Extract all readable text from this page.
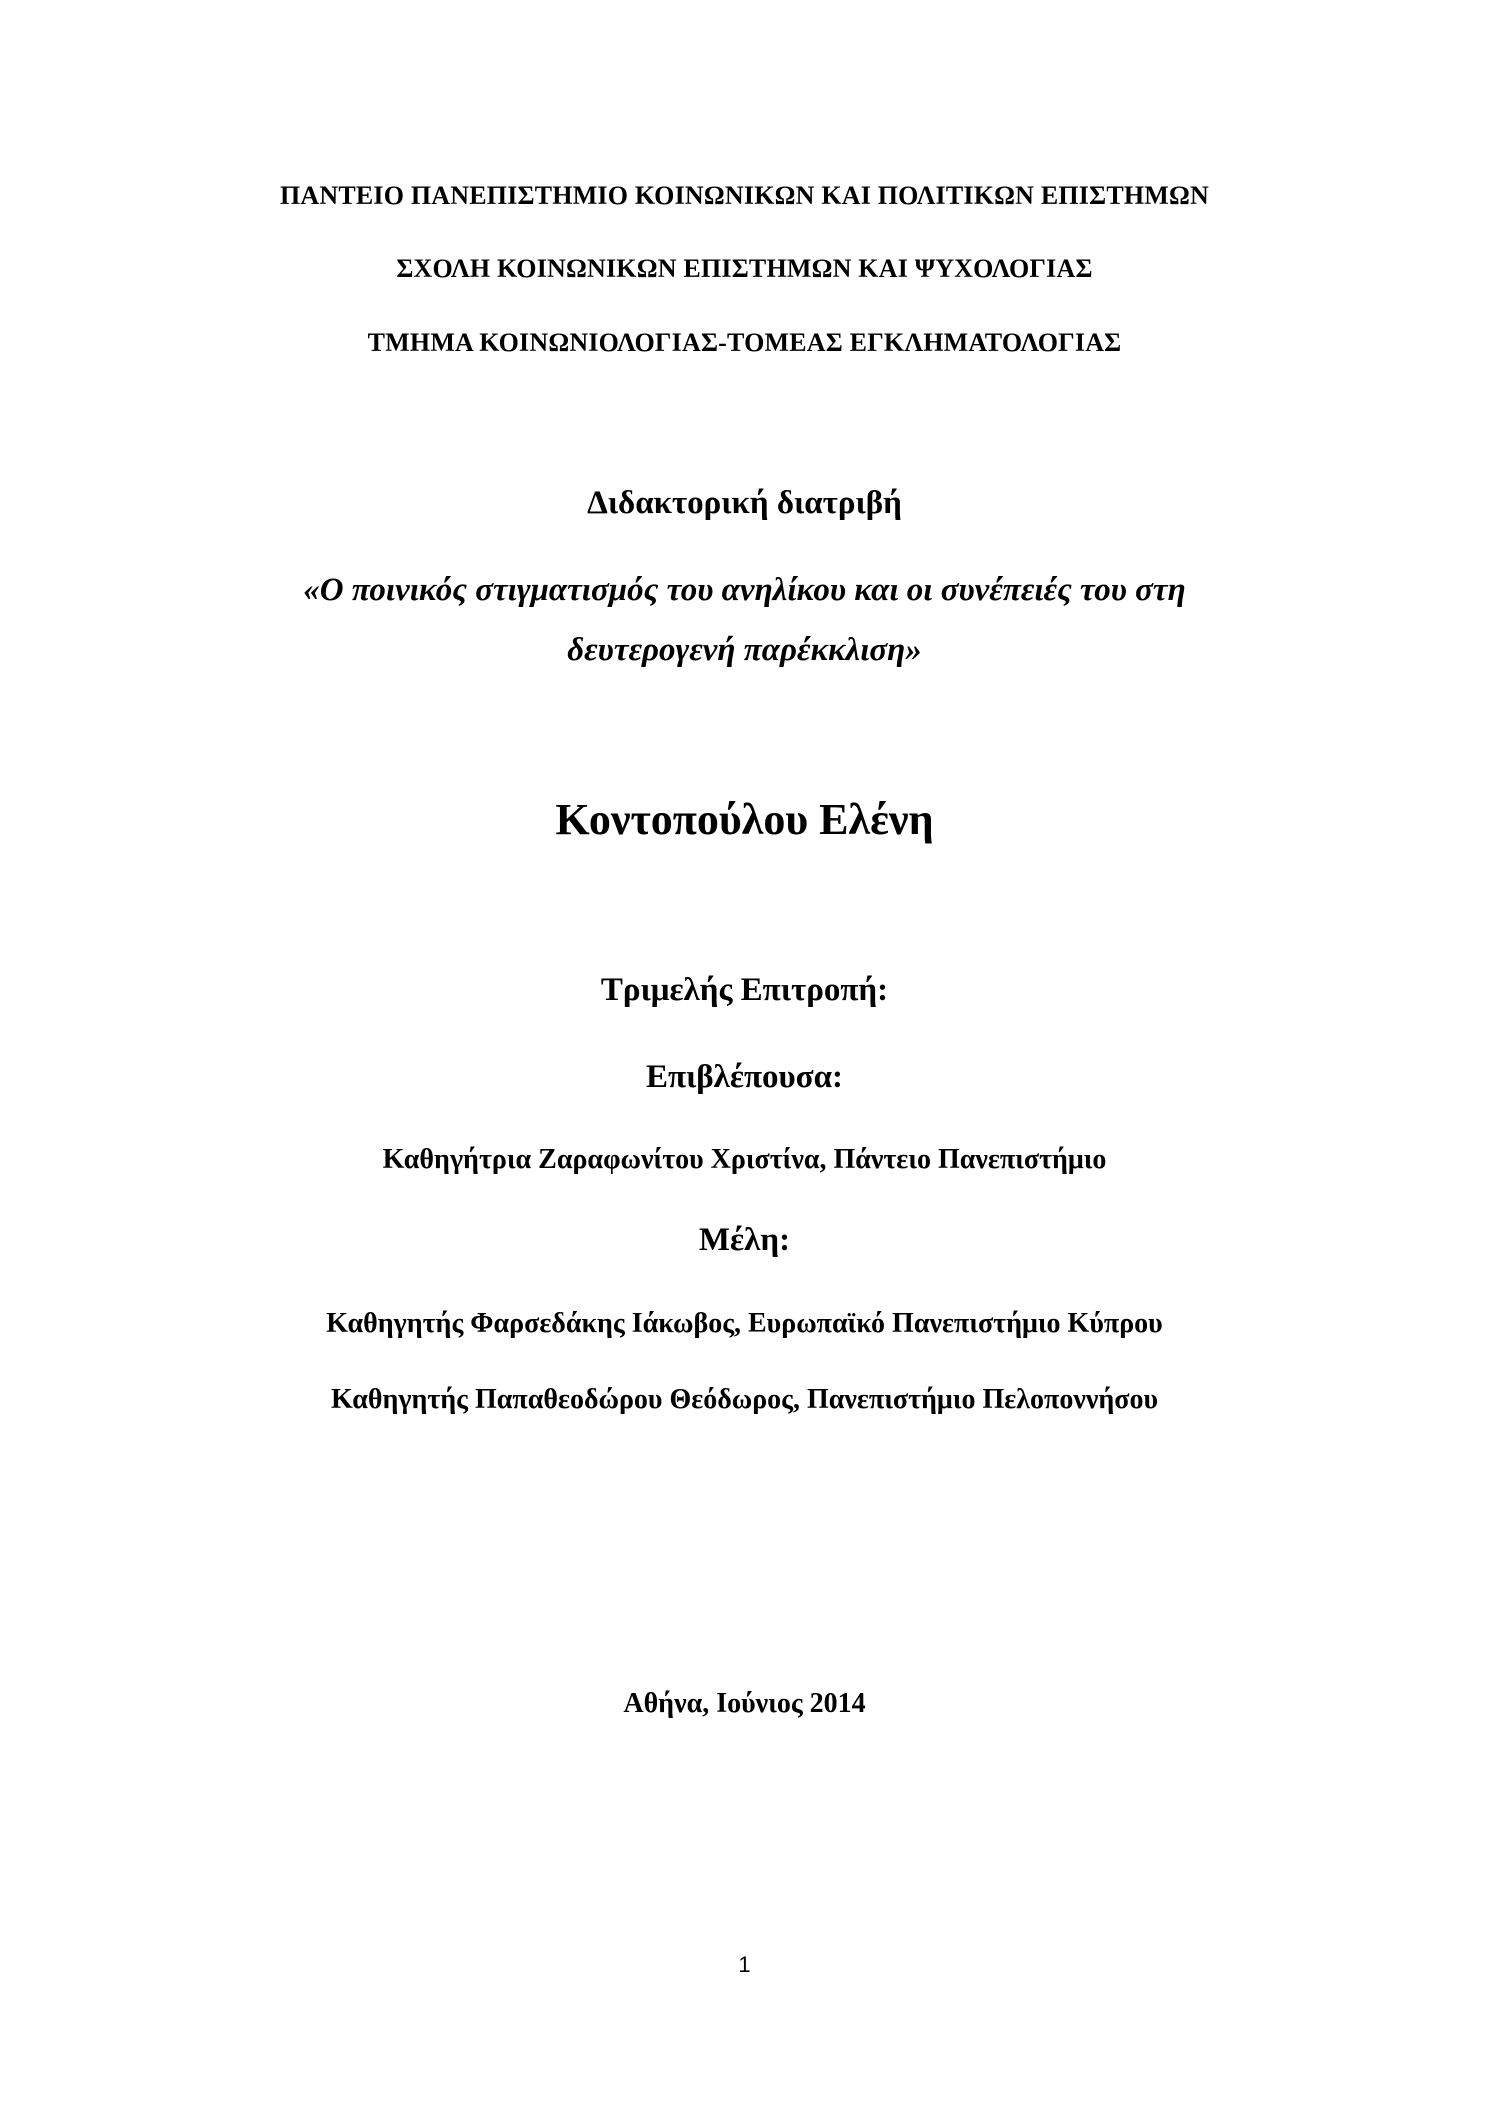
ΠΑΝΤΕΙΟ ΠΑΝΕΠΙΣΤΗΜΙΟ ΚΟΙΝΩΝΙΚΩΝ ΚΑΙ ΠΟΛΙΤΙΚΩΝ ΕΠΙΣΤΗΜΩΝ
ΣΧΟΛΗ ΚΟΙΝΩΝΙΚΩΝ ΕΠΙΣΤΗΜΩΝ ΚΑΙ ΨΥΧΟΛΟΓΙΑΣ
ΤΜΗΜΑ ΚΟΙΝΩΝΙΟΛΟΓΙΑΣ-ΤΟΜΕΑΣ ΕΓΚΛΗΜΑΤΟΛΟΓΙΑΣ
Διδακτορική διατριβή
«Ο ποινικός στιγματισμός του ανηλίκου και οι συνέπειές του στη
δευτερογενή παρέκκλιση»
Κοντοπούλου Ελένη
Τριμελής Επιτροπή:
Επιβλέπουσα:
Καθηγήτρια Ζαραφωνίτου Χριστίνα, Πάντειο Πανεπιστήμιο
Μέλη:
Καθηγητής Φαρσεδάκης Ιάκωβος, Ευρωπαϊκό Πανεπιστήμιο Κύπρου
Καθηγητής Παπαθεοδώρου Θεόδωρος, Πανεπιστήμιο Πελοποννήσου
Αθήνα, Ιούνιος 2014
1
